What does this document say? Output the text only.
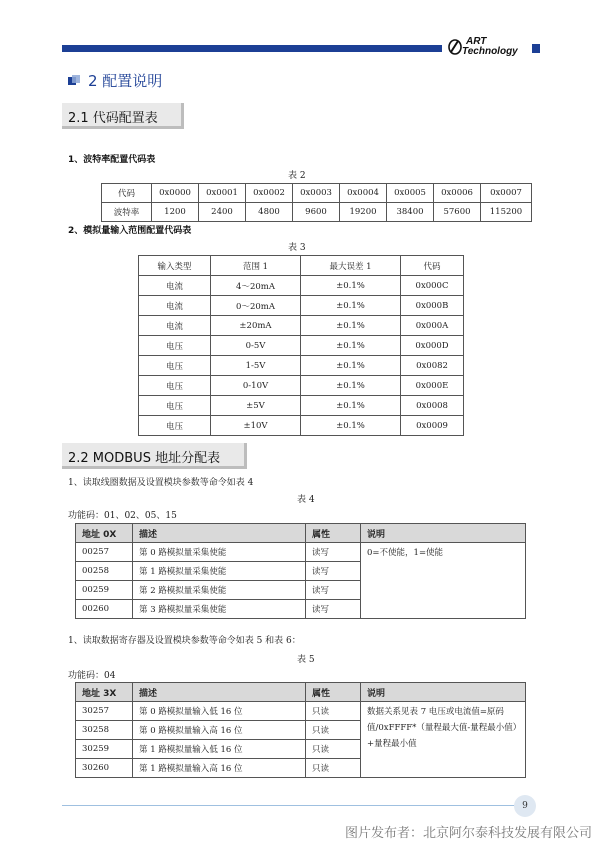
ART
Technology
2 配置说明
2.1 代码配置表
1、波特率配置代码表
表 2
代码	0x0000	0x0001	0x0002	0x0003	0x0004	0x0005	0x0006	0x0007
波特率	1200	2400	4800	9600	19200	38400	57600	115200
2、模拟量输入范围配置代码表
表 3
输入类型	范围 1	最大误差 1	代码
电流	4～20mA	±0.1%	0x000C
电流	0～20mA	±0.1%	0x000B
电流	±20mA	±0.1%	0x000A
电压	0-5V	±0.1%	0x000D
电压	1-5V	±0.1%	0x0082
电压	0-10V	±0.1%	0x000E
电压	±5V	±0.1%	0x0008
电压	±10V	±0.1%	0x0009
2.2 MODBUS 地址分配表
1、读取线圈数据及设置模块参数等命令如表 4
表 4
功能码：01、02、05、15
地址 0X	描述	属性	说明
00257	第 0 路模拟量采集使能	读写	0=不使能，1=使能
00258	第 1 路模拟量采集使能	读写	
00259	第 2 路模拟量采集使能	读写	
00260	第 3 路模拟量采集使能	读写	
1、读取数据寄存器及设置模块参数等命令如表 5 和表 6：
表 5
功能码：04
地址 3X	描述	属性	说明
30257	第 0 路模拟量输入低 16 位	只读	数据关系见表 7 电压或电流值=原码值/0xFFFF*（量程最大值-量程最小值）+量程最小值
30258	第 0 路模拟量输入高 16 位	只读	
30259	第 1 路模拟量输入低 16 位	只读	
30260	第 1 路模拟量输入高 16 位	只读	
9
图片发布者：北京阿尔泰科技发展有限公司
